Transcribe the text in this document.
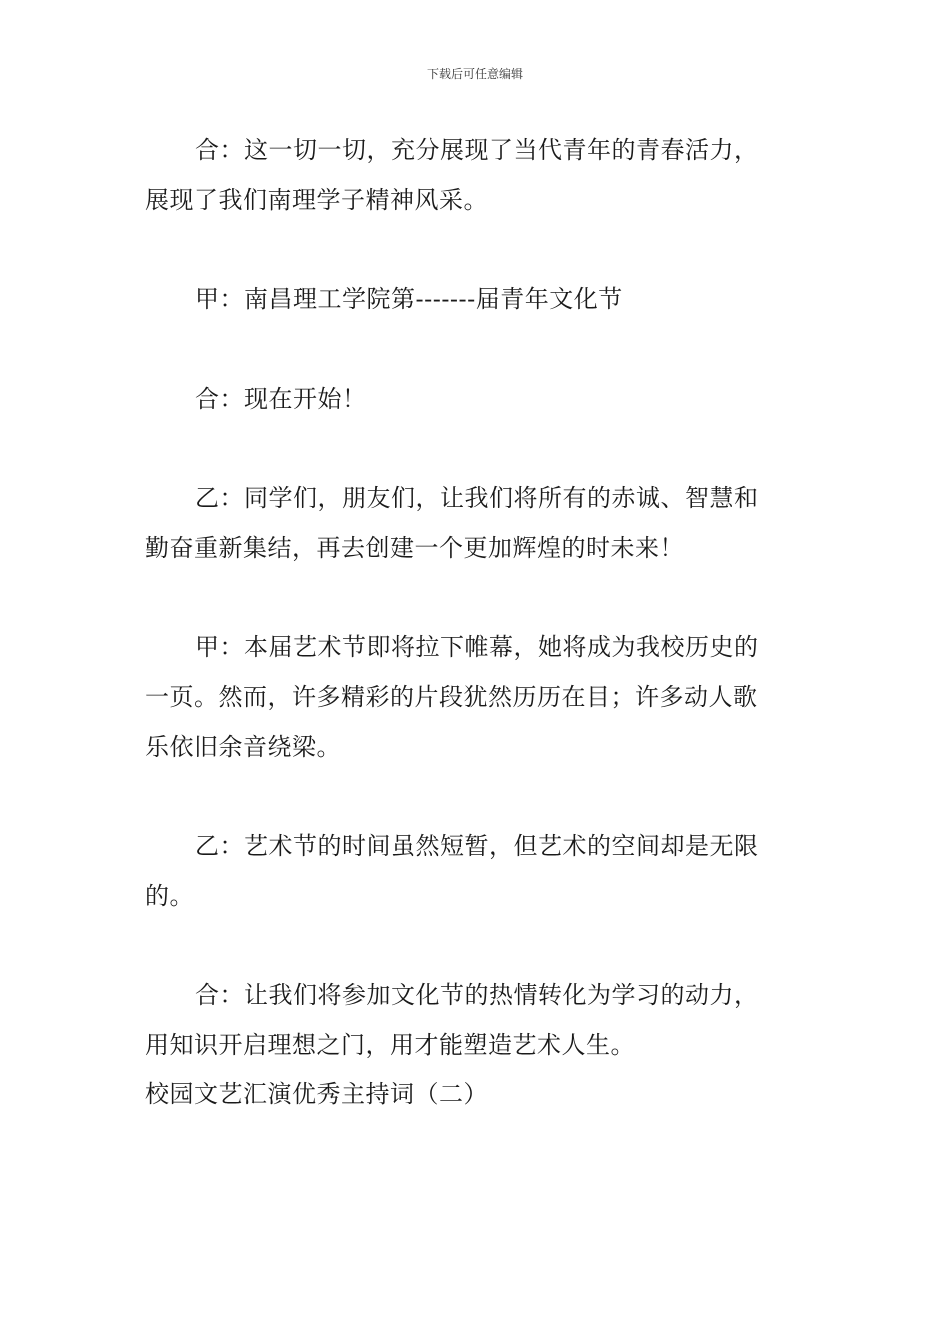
下载后可任意编辑
合：这一切一切，充分展现了当代青年的青春活力，
展现了我们南理学子精神风采。
甲：南昌理工学院第-------届青年文化节
合：现在开始！
乙：同学们，朋友们，让我们将所有的赤诚、智慧和
勤奋重新集结，再去创建一个更加辉煌的时未来！
甲：本届艺术节即将拉下帷幕，她将成为我校历史的
一页。然而，许多精彩的片段犹然历历在目；许多动人歌
乐依旧余音绕梁。
乙：艺术节的时间虽然短暂，但艺术的空间却是无限
的。
合：让我们将参加文化节的热情转化为学习的动力，
用知识开启理想之门，用才能塑造艺术人生。
校园文艺汇演优秀主持词（二）
